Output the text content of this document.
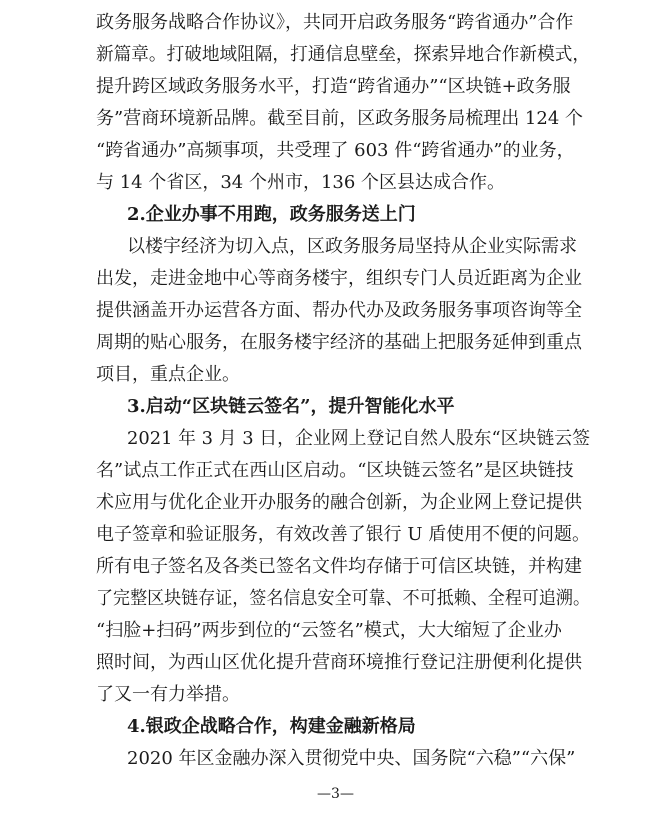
政务服务战略合作协议》，共同开启政务服务“跨省通办”合作
新篇章。打破地域阻隔，打通信息壁垒，探索异地合作新模式，
提升跨区域政务服务水平，打造“跨省通办”“区块链+政务服
务”营商环境新品牌。截至目前，区政务服务局梳理出 124 个
“跨省通办”高频事项，共受理了 603 件“跨省通办”的业务，
与 14 个省区，34 个州市，136 个区县达成合作。
2.企业办事不用跑，政务服务送上门
以楼宇经济为切入点，区政务服务局坚持从企业实际需求
出发，走进金地中心等商务楼宇，组织专门人员近距离为企业
提供涵盖开办运营各方面、帮办代办及政务服务事项咨询等全
周期的贴心服务，在服务楼宇经济的基础上把服务延伸到重点
项目，重点企业。
3.启动“区块链云签名”，提升智能化水平
2021 年 3 月 3 日，企业网上登记自然人股东“区块链云签
名”试点工作正式在西山区启动。“区块链云签名”是区块链技
术应用与优化企业开办服务的融合创新，为企业网上登记提供
电子签章和验证服务，有效改善了银行 U 盾使用不便的问题。
所有电子签名及各类已签名文件均存储于可信区块链，并构建
了完整区块链存证，签名信息安全可靠、不可抵赖、全程可追溯。
“扫脸+扫码”两步到位的“云签名”模式，大大缩短了企业办
照时间，为西山区优化提升营商环境推行登记注册便利化提供
了又一有力举措。
4.银政企战略合作，构建金融新格局
2020 年区金融办深入贯彻党中央、国务院“六稳”“六保”
—3—
